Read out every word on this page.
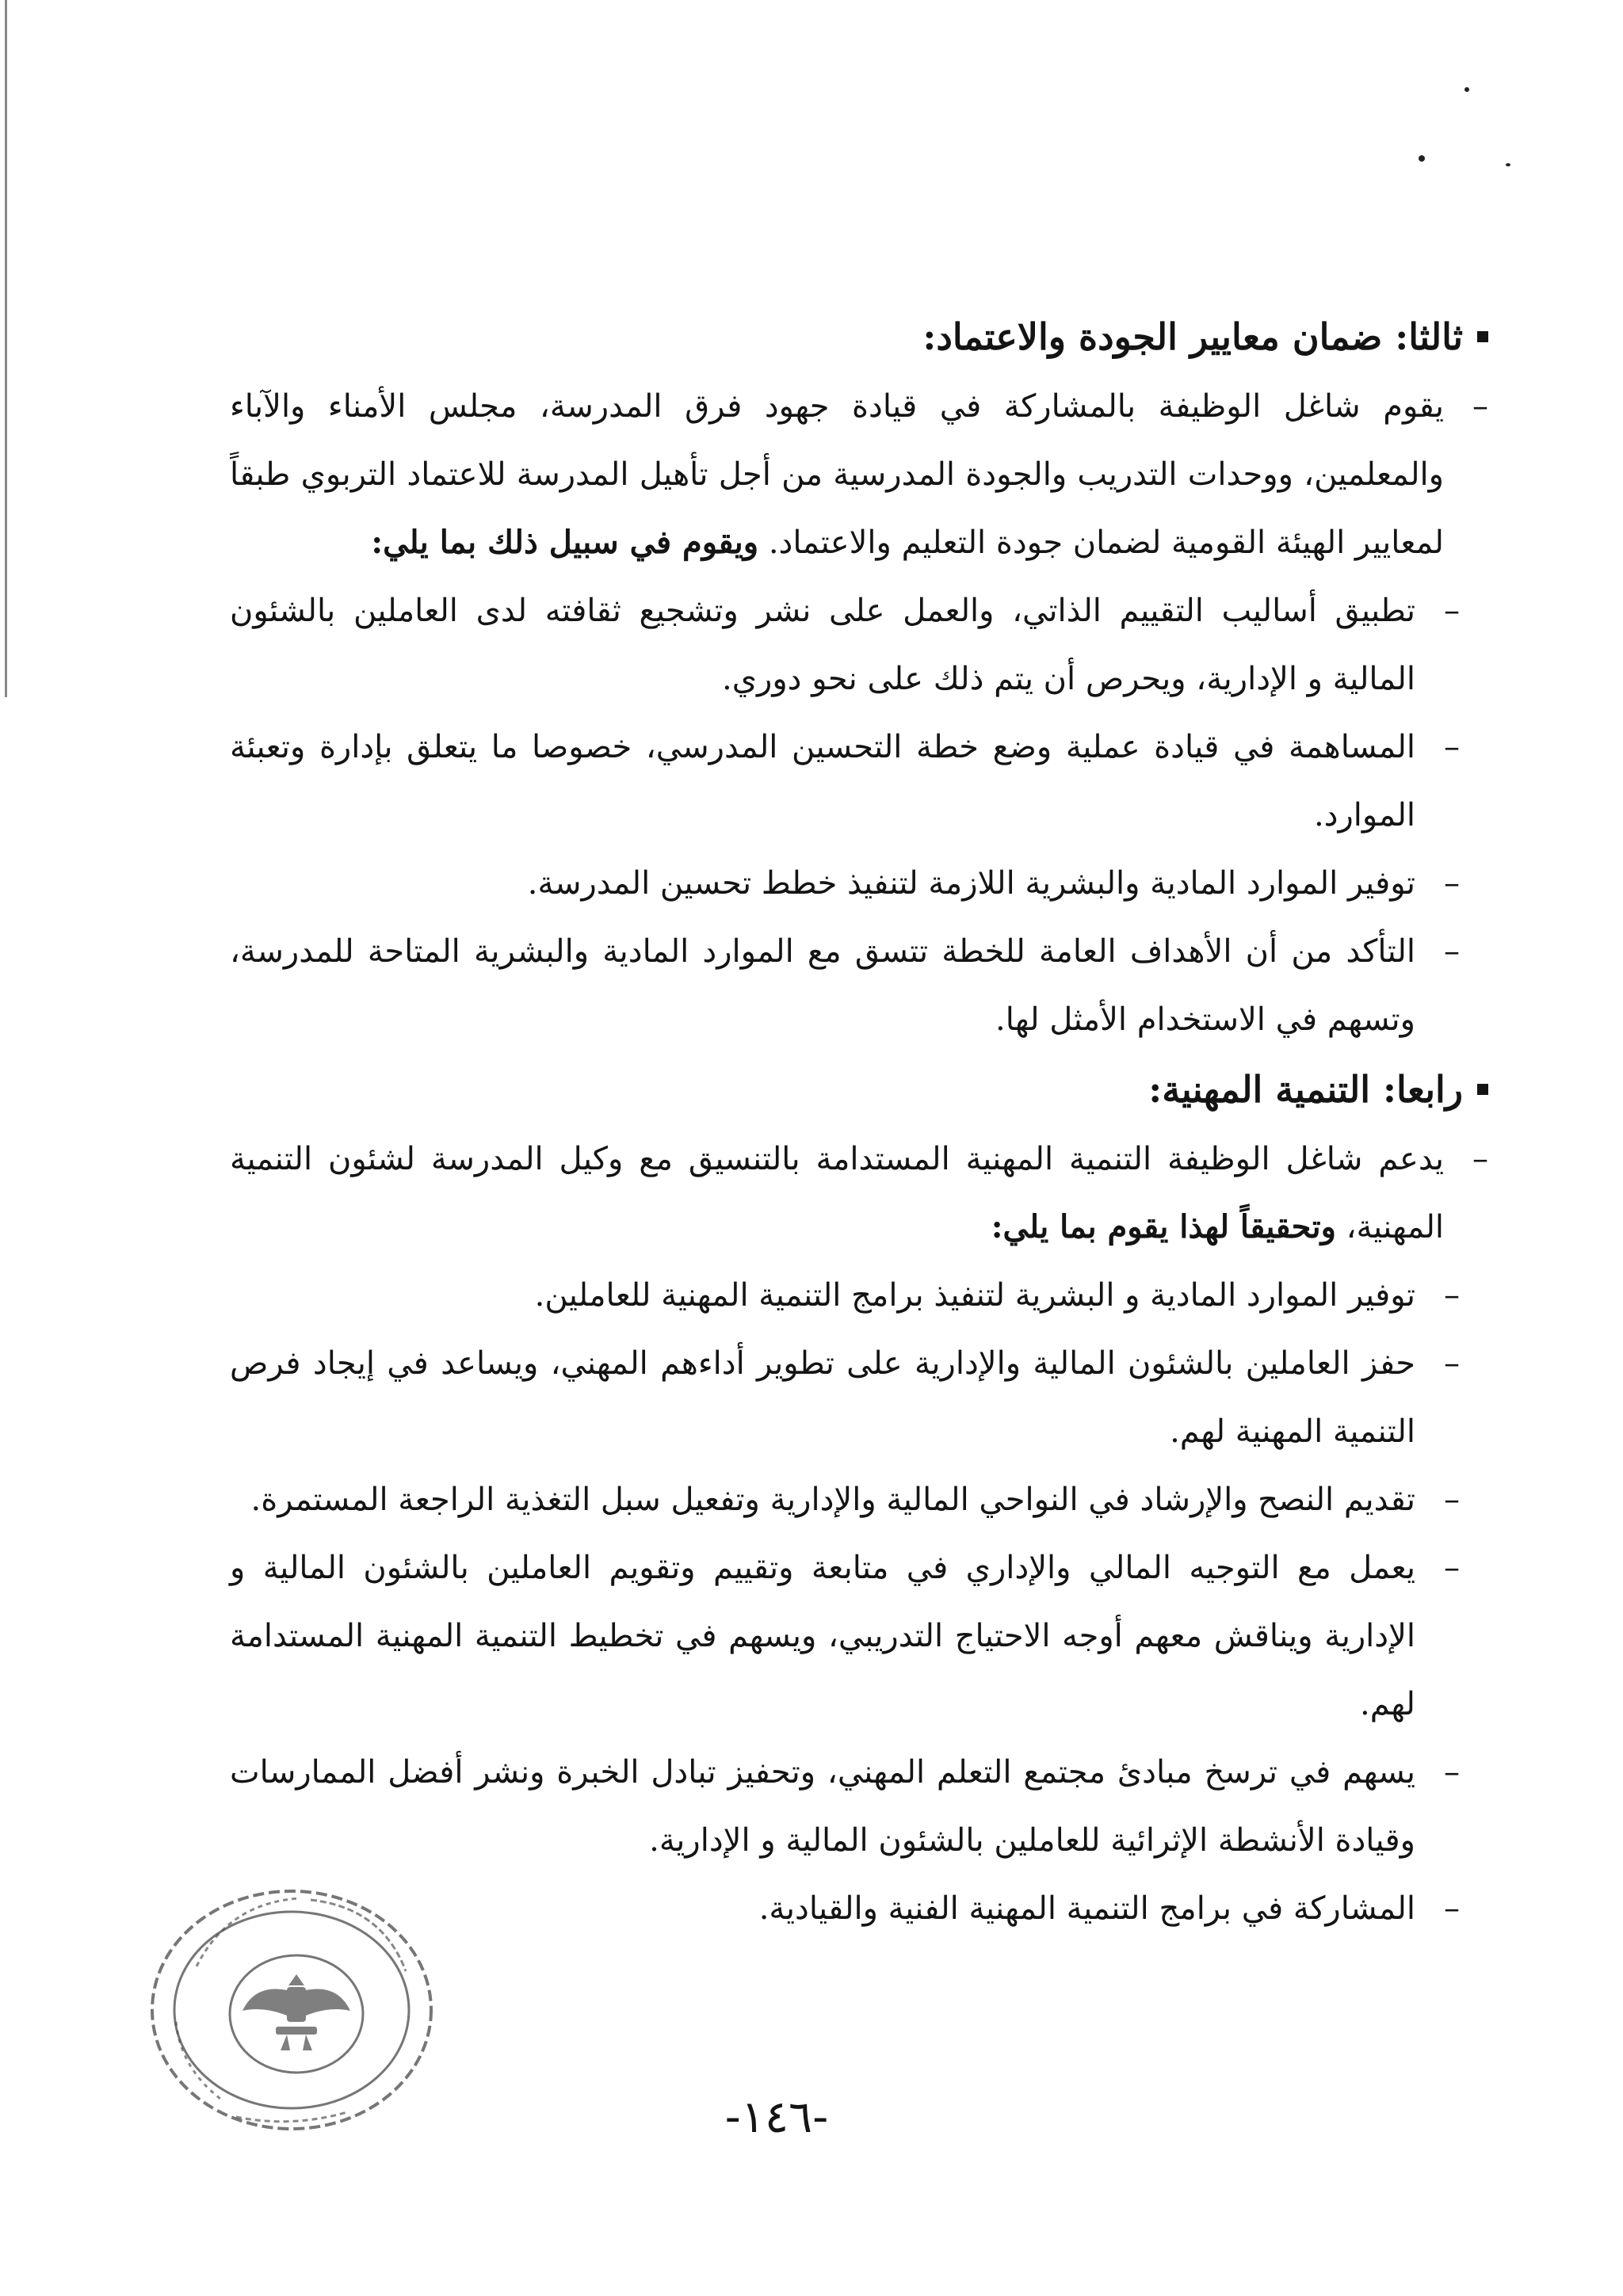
ثالثا: ضمان معايير الجودة والاعتماد:

–
يقوم شاغل الوظيفة بالمشاركة في قيادة جهود فرق المدرسة، مجلس الأمناء والآباء والمعلمين، ووحدات التدريب والجودة المدرسية من أجل تأهيل المدرسة للاعتماد التربوي طبقاً لمعايير الهيئة القومية لضمان جودة التعليم والاعتماد. ويقوم في سبيل ذلك بما يلي:

–
تطبيق أساليب التقييم الذاتي، والعمل على نشر وتشجيع ثقافته لدى العاملين بالشئون المالية و الإدارية، ويحرص أن يتم ذلك على نحو دوري.

–
المساهمة في قيادة عملية وضع خطة التحسين المدرسي، خصوصا ما يتعلق بإدارة وتعبئة الموارد.

–
توفير الموارد المادية والبشرية اللازمة لتنفيذ خطط تحسين المدرسة.

–
التأكد من أن الأهداف العامة للخطة تتسق مع الموارد المادية والبشرية المتاحة للمدرسة، وتسهم في الاستخدام الأمثل لها.

رابعا: التنمية المهنية:

–
يدعم شاغل الوظيفة التنمية المهنية المستدامة بالتنسيق مع وكيل المدرسة لشئون التنمية المهنية، وتحقيقاً لهذا يقوم بما يلي:

–
توفير الموارد المادية و البشرية لتنفيذ برامج التنمية المهنية للعاملين.

–
حفز العاملين بالشئون المالية والإدارية على تطوير أداءهم المهني، ويساعد في إيجاد فرص التنمية المهنية لهم.

–
تقديم النصح والإرشاد في النواحي المالية والإدارية وتفعيل سبل التغذية الراجعة المستمرة.

–
يعمل مع التوجيه المالي والإداري في متابعة وتقييم وتقويم العاملين بالشئون المالية و الإدارية ويناقش معهم أوجه الاحتياج التدريبي، ويسهم في تخطيط التنمية المهنية المستدامة لهم.

–
يسهم في ترسخ مبادئ مجتمع التعلم المهني، وتحفيز تبادل الخبرة ونشر أفضل الممارسات وقيادة الأنشطة الإثرائية للعاملين بالشئون المالية و الإدارية.

–
المشاركة في برامج التنمية المهنية الفنية والقيادية.

-١٤٦-
